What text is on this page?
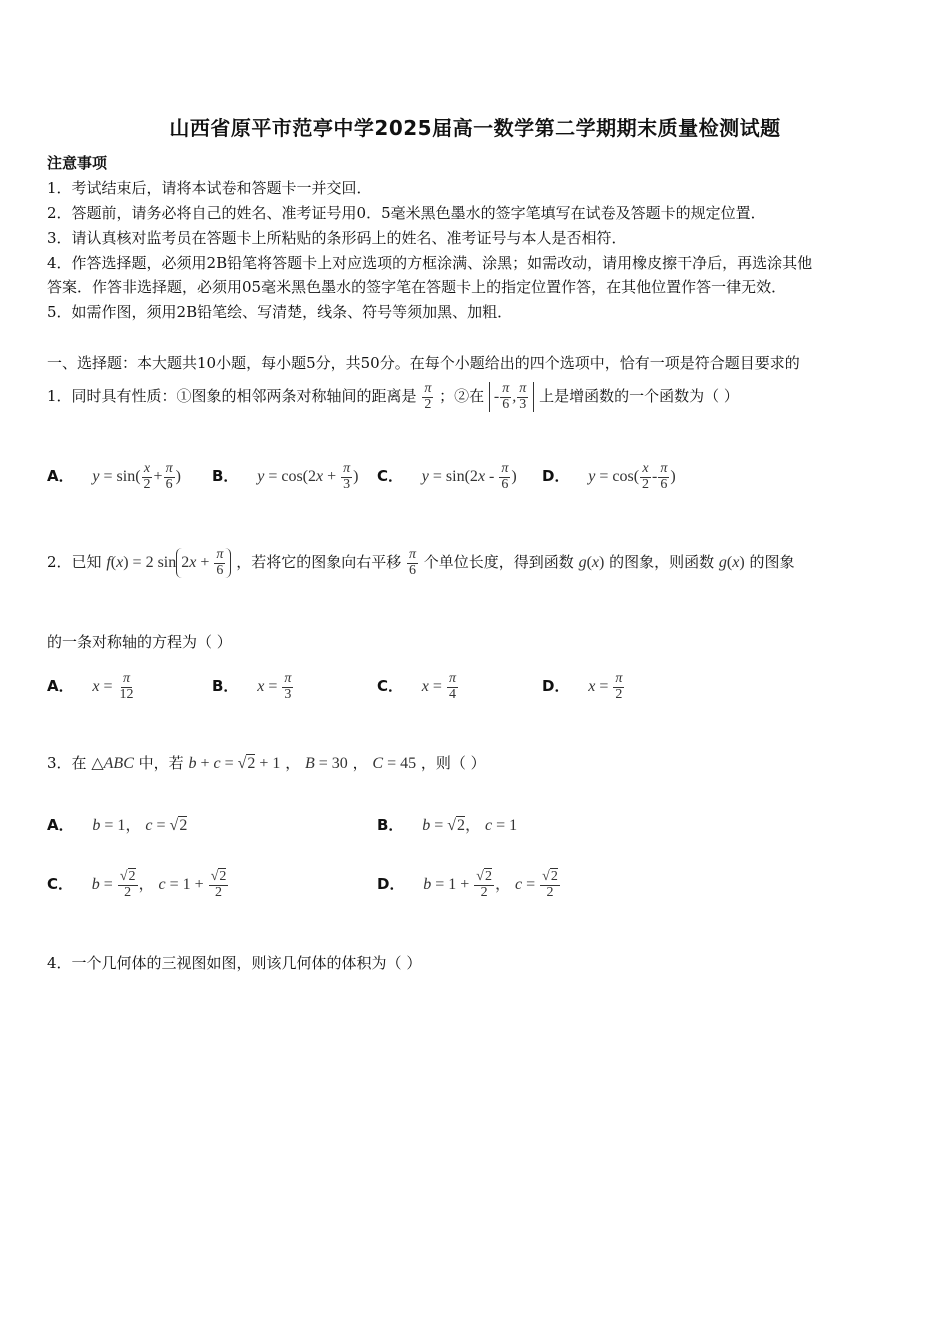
山西省原平市范亭中学2025届高一数学第二学期期末质量检测试题
注意事项
1．考试结束后，请将本试卷和答题卡一并交回．
2．答题前，请务必将自己的姓名、准考证号用0．5毫米黑色墨水的签字笔填写在试卷及答题卡的规定位置．
3．请认真核对监考员在答题卡上所粘贴的条形码上的姓名、准考证号与本人是否相符．
4．作答选择题，必须用2B铅笔将答题卡上对应选项的方框涂满、涂黑；如需改动，请用橡皮擦干净后，再选涂其他
答案．作答非选择题，必须用05毫米黑色墨水的签字笔在答题卡上的指定位置作答，在其他位置作答一律无效．
5．如需作图，须用2B铅笔绘、写清楚，线条、符号等须加黑、加粗．
一、选择题：本大题共10小题，每小题5分，共50分。在每个小题给出的四个选项中，恰有一项是符合题目要求的
1．同时具有性质：①图象的相邻两条对称轴间的距离是 $\frac{\pi}{2}$ ；②在 - $\frac{\pi}{6}$ , $\frac{\pi}{3}$ 上是增函数的一个函数为（ ）
A． $y = \sin( \frac{x}{2} + \frac{\pi}{6}$ ) B． $y = \cos(2x + \frac{\pi}{3}$ ) C． $y = \sin(2x - \frac{\pi}{6}$ ) D． $y = \cos( \frac{x}{2} - \frac{\pi}{6}$ )
2．已知 f(x) = 2 $\sin 2x + \frac{\pi}{6}$ ，若将它的图象向右平移 $\frac{\pi}{6}$ 个单位长度，得到函数 g(x) 的图象，则函数 g(x) 的图象
的一条对称轴的方程为（ ）
A． $x = \frac{\pi}{12}$	B． $x = \frac{\pi}{3}$	C． $x = \frac{\pi}{4}$	D． $x = \frac{\pi}{2}$
3．在 △ABC 中，若 b + c = √2 + 1 ， B = 30 ， C = 45 ，则（ ）
A． b = 1， c = √2	B． b = √2， c = 1
C． $b = \frac{√2}{2}$ ， $c = 1 + \frac{√2}{2}$	D． $b = 1 + \frac{√2}{2}$ ， $c = \frac{√2}{2}$
4．一个几何体的三视图如图，则该几何体的体积为（ ）
